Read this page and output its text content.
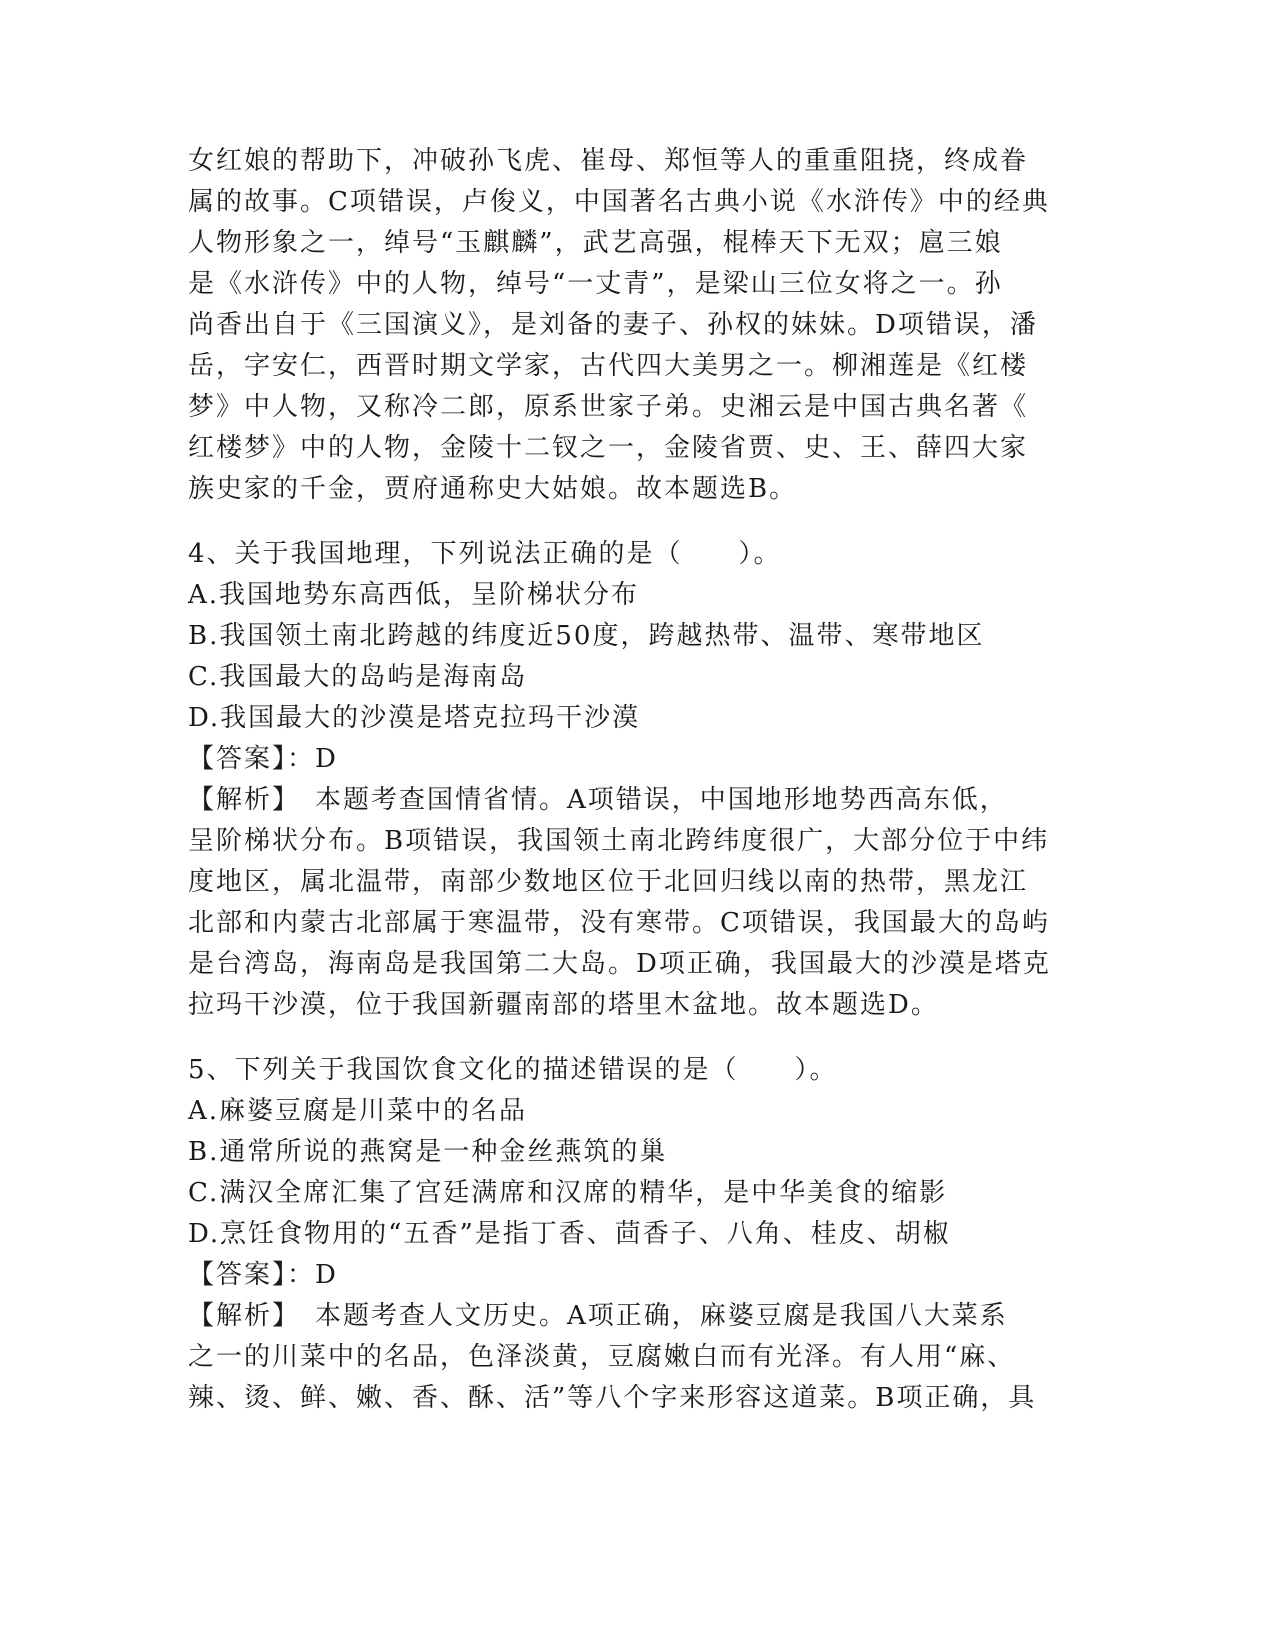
女红娘的帮助下，冲破孙飞虎、崔母、郑恒等人的重重阻挠，终成眷
属的故事。C项错误，卢俊义，中国著名古典小说《水浒传》中的经典
人物形象之一，绰号“玉麒麟”，武艺高强，棍棒天下无双；扈三娘
是《水浒传》中的人物，绰号“一丈青”，是梁山三位女将之一。孙
尚香出自于《三国演义》，是刘备的妻子、孙权的妹妹。D项错误，潘
岳，字安仁，西晋时期文学家，古代四大美男之一。柳湘莲是《红楼
梦》中人物，又称冷二郎，原系世家子弟。史湘云是中国古典名著《
红楼梦》中的人物，金陵十二钗之一，金陵省贾、史、王、薛四大家
族史家的千金，贾府通称史大姑娘。故本题选B。
4、关于我国地理，下列说法正确的是（　　）。
A.我国地势东高西低，呈阶梯状分布
B.我国领土南北跨越的纬度近50度，跨越热带、温带、寒带地区
C.我国最大的岛屿是海南岛
D.我国最大的沙漠是塔克拉玛干沙漠
【答案】：D
【解析】　本题考查国情省情。A项错误，中国地形地势西高东低，
呈阶梯状分布。B项错误，我国领土南北跨纬度很广，大部分位于中纬
度地区，属北温带，南部少数地区位于北回归线以南的热带，黑龙江
北部和内蒙古北部属于寒温带，没有寒带。C项错误，我国最大的岛屿
是台湾岛，海南岛是我国第二大岛。D项正确，我国最大的沙漠是塔克
拉玛干沙漠，位于我国新疆南部的塔里木盆地。故本题选D。
5、下列关于我国饮食文化的描述错误的是（　　）。
A.麻婆豆腐是川菜中的名品
B.通常所说的燕窝是一种金丝燕筑的巢
C.满汉全席汇集了宫廷满席和汉席的精华，是中华美食的缩影
D.烹饪食物用的“五香”是指丁香、茴香子、八角、桂皮、胡椒
【答案】：D
【解析】　本题考查人文历史。A项正确，麻婆豆腐是我国八大菜系
之一的川菜中的名品，色泽淡黄，豆腐嫩白而有光泽。有人用“麻、
辣、烫、鲜、嫩、香、酥、活”等八个字来形容这道菜。B项正确，具
